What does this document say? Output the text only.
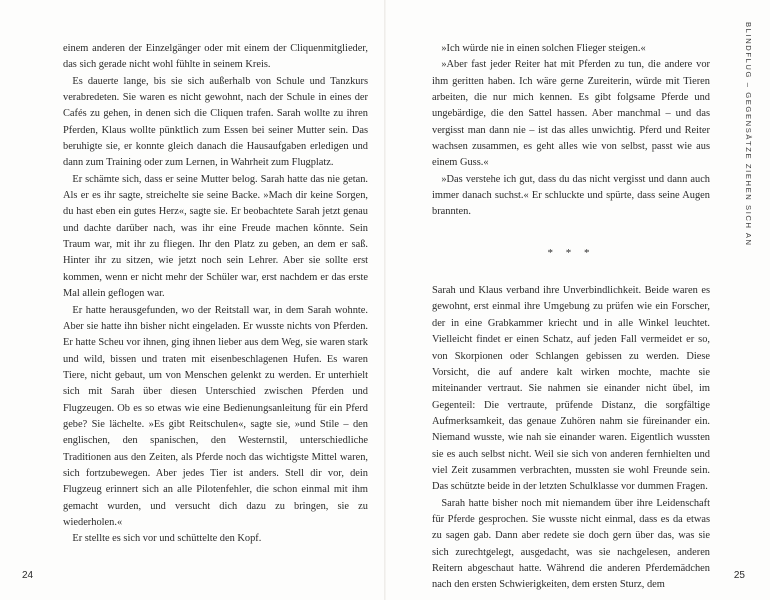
einem anderen der Einzelgänger oder mit einem der Cliquenmitglieder, das sich gerade nicht wohl fühlte in seinem Kreis.

Es dauerte lange, bis sie sich außerhalb von Schule und Tanzkurs verabredeten. Sie waren es nicht gewohnt, nach der Schule in eines der Cafés zu gehen, in denen sich die Cliquen trafen. Sarah wollte zu ihren Pferden, Klaus wollte pünktlich zum Essen bei seiner Mutter sein. Das beruhigte sie, er konnte gleich danach die Hausaufgaben erledigen und dann zum Training oder zum Lernen, in Wahrheit zum Flugplatz.

Er schämte sich, dass er seine Mutter belog. Sarah hatte das nie getan. Als er es ihr sagte, streichelte sie seine Backe. »Mach dir keine Sorgen, du hast eben ein gutes Herz«, sagte sie. Er beobachtete Sarah jetzt genau und dachte darüber nach, was ihr eine Freude machen könnte. Sein Traum war, mit ihr zu fliegen. Ihr den Platz zu geben, an dem er saß. Hinter ihr zu sitzen, wie jetzt noch sein Lehrer. Aber sie sollte erst kommen, wenn er nicht mehr der Schüler war, erst nachdem er das erste Mal allein geflogen war.

Er hatte herausgefunden, wo der Reitstall war, in dem Sarah wohnte. Aber sie hatte ihn bisher nicht eingeladen. Er wusste nichts von Pferden. Er hatte Scheu vor ihnen, ging ihnen lieber aus dem Weg, sie waren stark und wild, bissen und traten mit eisenbeschlagenen Hufen. Es waren Tiere, nicht gebaut, um von Menschen gelenkt zu werden. Er unterhielt sich mit Sarah über diesen Unterschied zwischen Pferden und Flugzeugen. Ob es so etwas wie eine Bedienungsanleitung für ein Pferd gebe? Sie lächelte. »Es gibt Reitschulen«, sagte sie, »und Stile – den englischen, den spanischen, den Westernstil, unterschiedliche Traditionen aus den Zeiten, als Pferde noch das wichtigste Mittel waren, sich fortzubewegen. Aber jedes Tier ist anders. Stell dir vor, dein Flugzeug erinnert sich an alle Pilotenfehler, die schon einmal mit ihm gemacht wurden, und versucht dich dazu zu bringen, sie zu wiederholen.«

Er stellte es sich vor und schüttelte den Kopf.

»Ich würde nie in einen solchen Flieger steigen.«

»Aber fast jeder Reiter hat mit Pferden zu tun, die andere vor ihm geritten haben. Ich wäre gerne Zureiterin, würde mit Tieren arbeiten, die nur mich kennen. Es gibt folgsame Pferde und ungebärdige, die den Sattel hassen. Aber manchmal – und das vergisst man dann nie – ist das alles unwichtig. Pferd und Reiter wachsen zusammen, es geht alles wie von selbst, passt wie aus einem Guss.«

»Das verstehe ich gut, dass du das nicht vergisst und dann auch immer danach suchst.« Er schluckte und spürte, dass seine Augen brannten.

* * *

Sarah und Klaus verband ihre Unverbindlichkeit. Beide waren es gewohnt, erst einmal ihre Umgebung zu prüfen wie ein Forscher, der in eine Grabkammer kriecht und in alle Winkel leuchtet. Vielleicht findet er einen Schatz, auf jeden Fall vermeidet er so, von Skorpionen oder Schlangen gebissen zu werden. Diese Vorsicht, die auf andere kalt wirken mochte, machte sie miteinander vertraut. Sie nahmen sie einander nicht übel, im Gegenteil: Die vertraute, prüfende Distanz, die sorgfältige Aufmerksamkeit, das genaue Zuhören nahm sie füreinander ein. Niemand wusste, wie nah sie einander waren. Eigentlich wussten sie es auch selbst nicht. Weil sie sich von anderen fernhielten und viel Zeit zusammen verbrachten, mussten sie wohl Freunde sein. Das schützte beide in der letzten Schulklasse vor dummen Fragen.

Sarah hatte bisher noch mit niemandem über ihre Leidenschaft für Pferde gesprochen. Sie wusste nicht einmal, dass es da etwas zu sagen gab. Dann aber redete sie doch gern über das, was sie sich zurechtgelegt, ausgedacht, was sie nachgelesen, anderen Reitern abgeschaut hatte. Während die anderen Pferdemädchen nach den ersten Schwierigkeiten, dem ersten Sturz, dem

BLINDFLUG – GEGENSÄTZE ZIEHEN SICH AN
24	25
